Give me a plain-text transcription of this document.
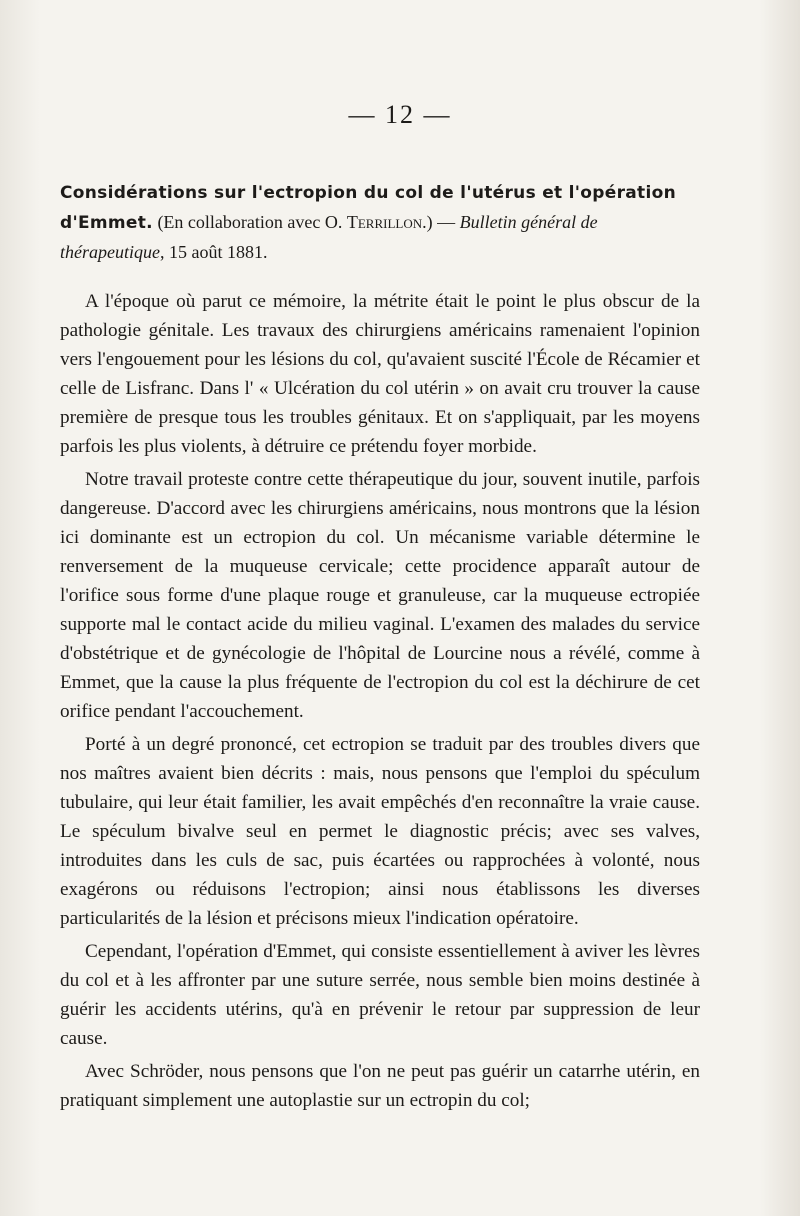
— 12 —
Considérations sur l'ectropion du col de l'utérus et l'opération d'Emmet. (En collaboration avec O. Terrillon.) — Bulletin général de thérapeutique, 15 août 1881.

A l'époque où parut ce mémoire, la métrite était le point le plus obscur de la pathologie génitale. Les travaux des chirurgiens américains ramenaient l'opinion vers l'engouement pour les lésions du col, qu'avaient suscité l'École de Récamier et celle de Lisfranc. Dans l' « Ulcération du col utérin » on avait cru trouver la cause première de presque tous les troubles génitaux. Et on s'appliquait, par les moyens parfois les plus violents, à détruire ce prétendu foyer morbide.

Notre travail proteste contre cette thérapeutique du jour, souvent inutile, parfois dangereuse. D'accord avec les chirurgiens américains, nous montrons que la lésion ici dominante est un ectropion du col. Un mécanisme variable détermine le renversement de la muqueuse cervicale; cette procidence apparaît autour de l'orifice sous forme d'une plaque rouge et granuleuse, car la muqueuse ectropiée supporte mal le contact acide du milieu vaginal. L'examen des malades du service d'obstétrique et de gynécologie de l'hôpital de Lourcine nous a révélé, comme à Emmet, que la cause la plus fréquente de l'ectropion du col est la déchirure de cet orifice pendant l'accouchement.

Porté à un degré prononcé, cet ectropion se traduit par des troubles divers que nos maîtres avaient bien décrits : mais, nous pensons que l'emploi du spéculum tubulaire, qui leur était familier, les avait empêchés d'en reconnaître la vraie cause. Le spéculum bivalve seul en permet le diagnostic précis; avec ses valves, introduites dans les culs de sac, puis écartées ou rapprochées à volonté, nous exagérons ou réduisons l'ectropion; ainsi nous établissons les diverses particularités de la lésion et précisons mieux l'indication opératoire.

Cependant, l'opération d'Emmet, qui consiste essentiellement à aviver les lèvres du col et à les affronter par une suture serrée, nous semble bien moins destinée à guérir les accidents utérins, qu'à en prévenir le retour par suppression de leur cause.

Avec Schröder, nous pensons que l'on ne peut pas guérir un catarrhe utérin, en pratiquant simplement une autoplastie sur un ectropin du col;
